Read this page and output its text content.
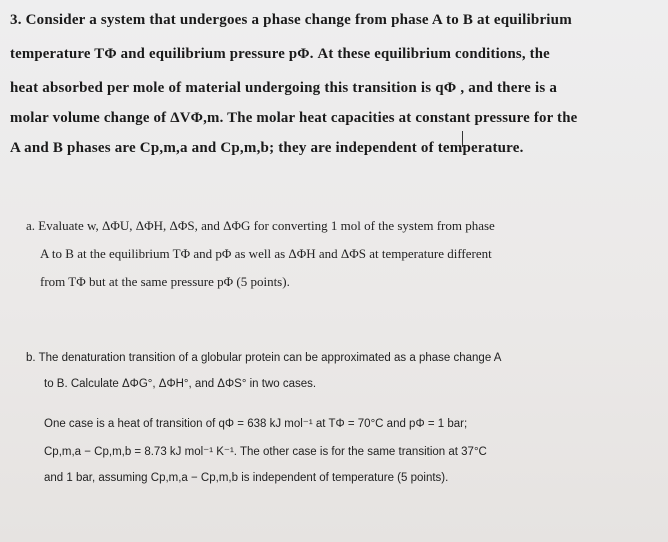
3. Consider a system that undergoes a phase change from phase A to B at equilibrium
temperature TΦ and equilibrium pressure pΦ. At these equilibrium conditions, the
heat absorbed per mole of material undergoing this transition is qΦ , and there is a
molar volume change of ΔVΦ,m. The molar heat capacities at constant pressure for the
A and B phases are Cp,m,a and Cp,m,b; they are independent of temperature.
a. Evaluate w, ΔΦU, ΔΦH, ΔΦS, and ΔΦG for converting 1 mol of the system from phase
A to B at the equilibrium TΦ and pΦ as well as ΔΦH and ΔΦS at temperature different
from TΦ but at the same pressure pΦ (5 points).
b. The denaturation transition of a globular protein can be approximated as a phase change A
to B. Calculate ΔΦG°, ΔΦH°, and ΔΦS° in two cases.
One case is a heat of transition of qΦ = 638 kJ mol⁻¹ at TΦ = 70°C and pΦ = 1 bar;
Cp,m,a − Cp,m,b = 8.73 kJ mol⁻¹ K⁻¹. The other case is for the same transition at 37°C
and 1 bar, assuming Cp,m,a − Cp,m,b is independent of temperature (5 points).
